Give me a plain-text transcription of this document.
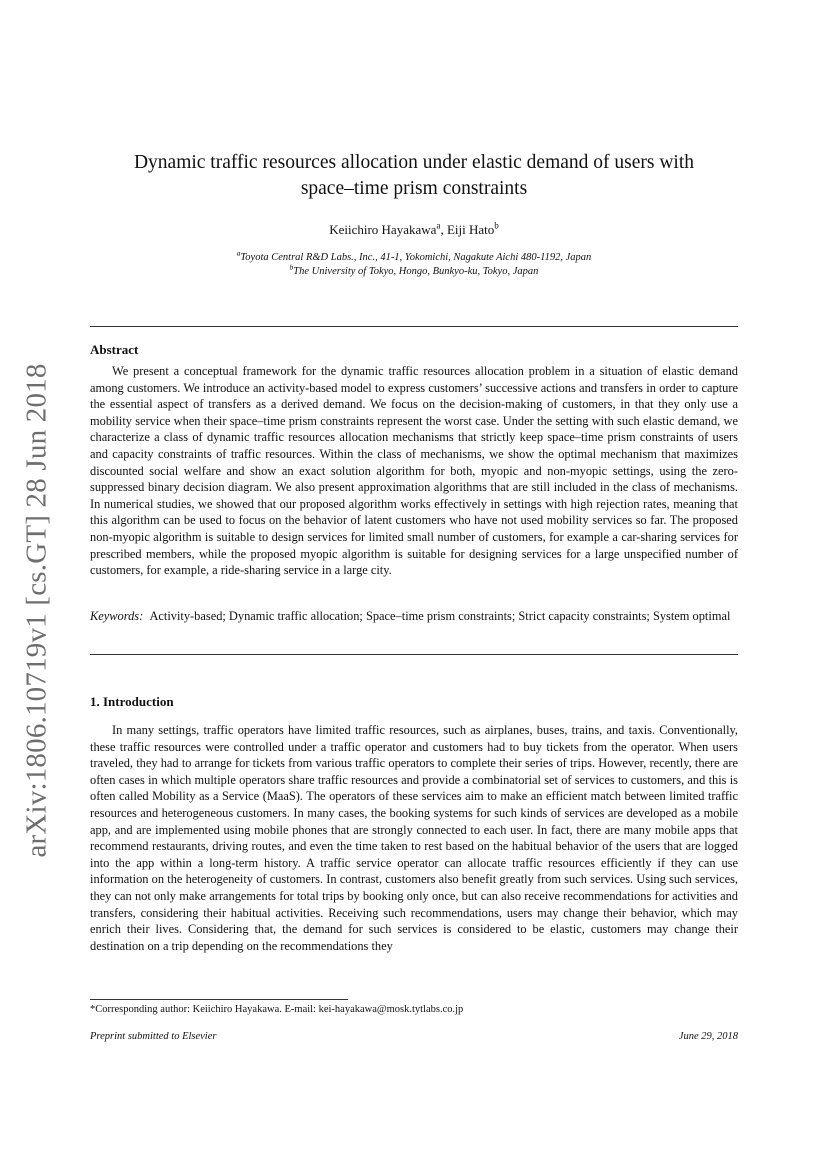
arXiv:1806.10719v1 [cs.GT] 28 Jun 2018
Dynamic traffic resources allocation under elastic demand of users with
space–time prism constraints
Keiichiro Hayakawa$^a$, Eiji Hato$^b$
$^a$Toyota Central R&D Labs., Inc., 41-1, Yokomichi, Nagakute Aichi 480-1192, Japan
$^b$The University of Tokyo, Hongo, Bunkyo-ku, Tokyo, Japan
Abstract
We present a conceptual framework for the dynamic traffic resources allocation problem in a situation of elastic demand among customers. We introduce an activity-based model to express customers’ successive actions and transfers in order to capture the essential aspect of transfers as a derived demand. We focus on the decision-making of customers, in that they only use a mobility service when their space–time prism constraints represent the worst case. Under the setting with such elastic demand, we characterize a class of dynamic traffic resources allocation mechanisms that strictly keep space–time prism constraints of users and capacity constraints of traffic resources. Within the class of mechanisms, we show the optimal mechanism that maximizes discounted social welfare and show an exact solution algorithm for both, myopic and non-myopic settings, using the zero-suppressed binary decision diagram. We also present approximation algorithms that are still included in the class of mechanisms. In numerical studies, we showed that our proposed algorithm works effectively in settings with high rejection rates, meaning that this algorithm can be used to focus on the behavior of latent customers who have not used mobility services so far. The proposed non-myopic algorithm is suitable to design services for limited small number of customers, for example a car-sharing services for prescribed members, while the proposed myopic algorithm is suitable for designing services for a large unspecified number of customers, for example, a ride-sharing service in a large city.
Keywords: Activity-based; Dynamic traffic allocation; Space–time prism constraints; Strict capacity constraints; System optimal
1. Introduction
In many settings, traffic operators have limited traffic resources, such as airplanes, buses, trains, and taxis. Conventionally, these traffic resources were controlled under a traffic operator and customers had to buy tickets from the operator. When users traveled, they had to arrange for tickets from various traffic operators to complete their series of trips. However, recently, there are often cases in which multiple operators share traffic resources and provide a combinatorial set of services to customers, and this is often called Mobility as a Service (MaaS). The operators of these services aim to make an efficient match between limited traffic resources and heterogeneous customers. In many cases, the booking systems for such kinds of services are developed as a mobile app, and are implemented using mobile phones that are strongly connected to each user. In fact, there are many mobile apps that recommend restaurants, driving routes, and even the time taken to rest based on the habitual behavior of the users that are logged into the app within a long-term history. A traffic service operator can allocate traffic resources efficiently if they can use information on the heterogeneity of customers. In contrast, customers also benefit greatly from such services. Using such services, they can not only make arrangements for total trips by booking only once, but can also receive recommendations for activities and transfers, considering their habitual activities. Receiving such recommendations, users may change their behavior, which may enrich their lives. Considering that, the demand for such services is considered to be elastic, customers may change their destination on a trip depending on the recommendations they
*Corresponding author: Keiichiro Hayakawa. E-mail: kei-hayakawa@mosk.tytlabs.co.jp
Preprint submitted to Elsevier	June 29, 2018
